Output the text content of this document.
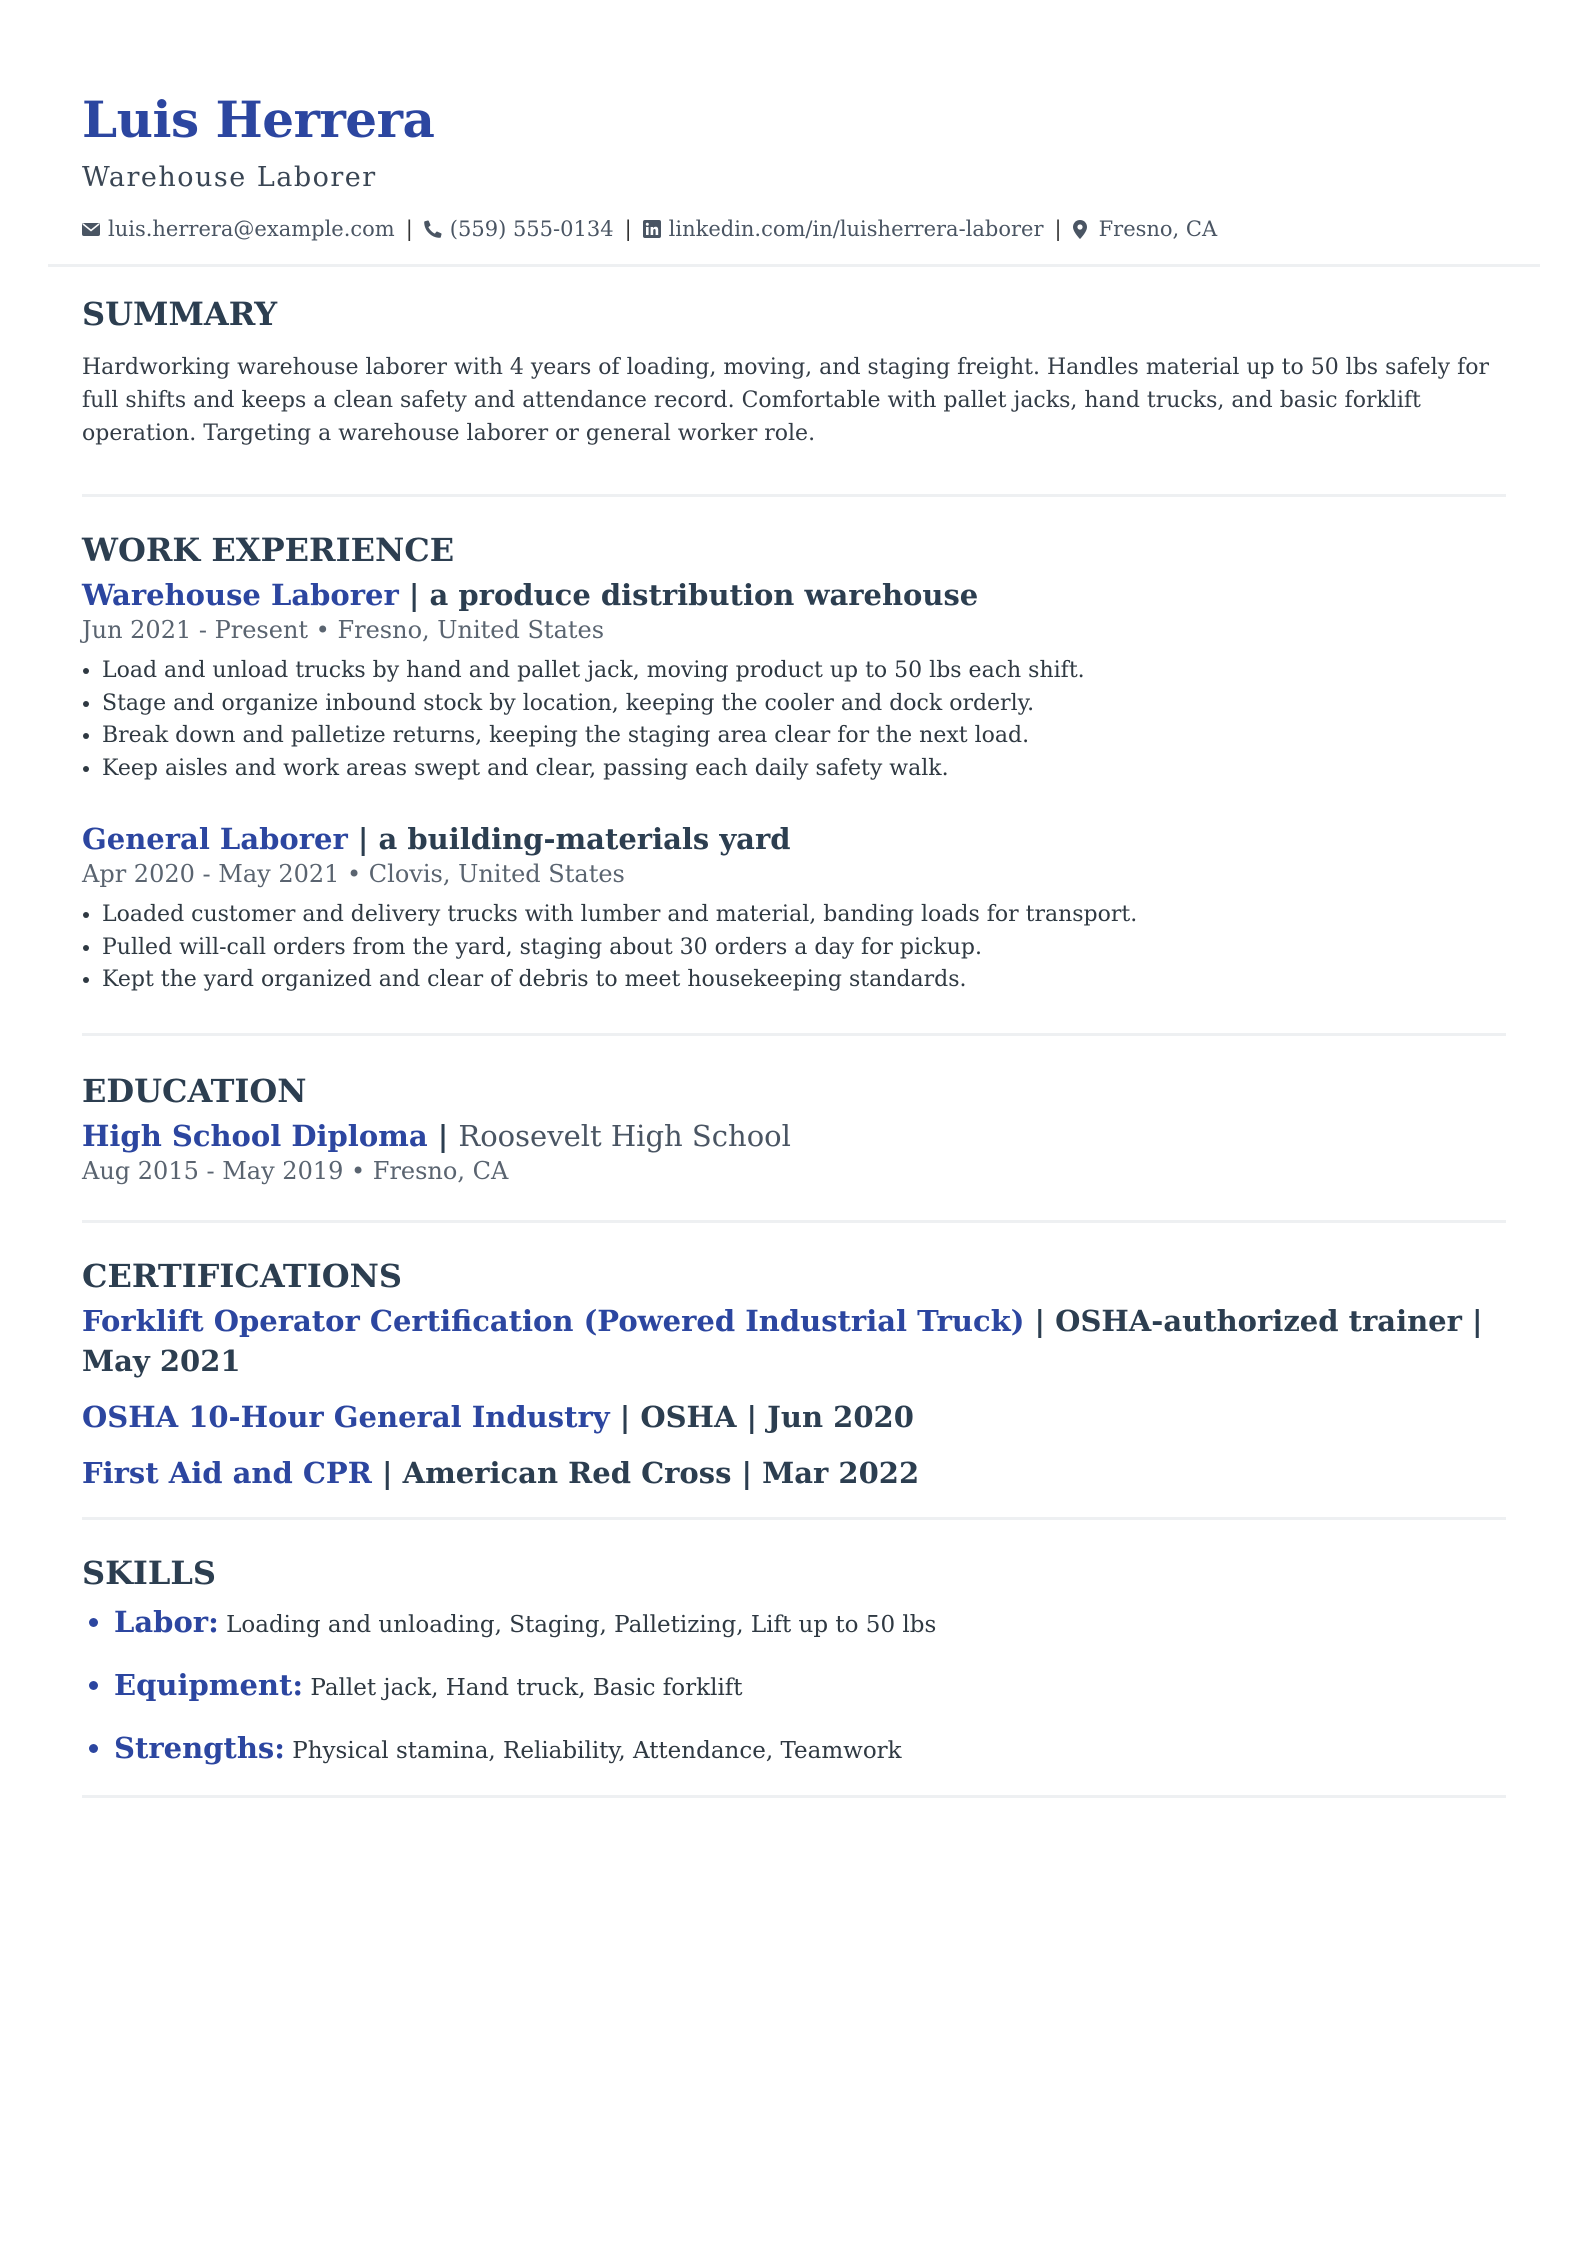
Luis Herrera
Warehouse Laborer
luis.herrera@example.com | (559) 555-0134 | linkedin.com/in/luisherrera-laborer | Fresno, CA
SUMMARY
Hardworking warehouse laborer with 4 years of loading, moving, and staging freight. Handles material up to 50 lbs safely for full shifts and keeps a clean safety and attendance record. Comfortable with pallet jacks, hand trucks, and basic forklift operation. Targeting a warehouse laborer or general worker role.
WORK EXPERIENCE
Warehouse Laborer | a produce distribution warehouse
Jun 2021 - Present • Fresno, United States
• Load and unload trucks by hand and pallet jack, moving product up to 50 lbs each shift.
• Stage and organize inbound stock by location, keeping the cooler and dock orderly.
• Break down and palletize returns, keeping the staging area clear for the next load.
• Keep aisles and work areas swept and clear, passing each daily safety walk.
General Laborer | a building-materials yard
Apr 2020 - May 2021 • Clovis, United States
• Loaded customer and delivery trucks with lumber and material, banding loads for transport.
• Pulled will-call orders from the yard, staging about 30 orders a day for pickup.
• Kept the yard organized and clear of debris to meet housekeeping standards.
EDUCATION
High School Diploma | Roosevelt High School
Aug 2015 - May 2019 • Fresno, CA
CERTIFICATIONS
Forklift Operator Certification (Powered Industrial Truck) | OSHA-authorized trainer | May 2021
OSHA 10-Hour General Industry | OSHA | Jun 2020
First Aid and CPR | American Red Cross | Mar 2022
SKILLS
• Labor: Loading and unloading, Staging, Palletizing, Lift up to 50 lbs
• Equipment: Pallet jack, Hand truck, Basic forklift
• Strengths: Physical stamina, Reliability, Attendance, Teamwork
